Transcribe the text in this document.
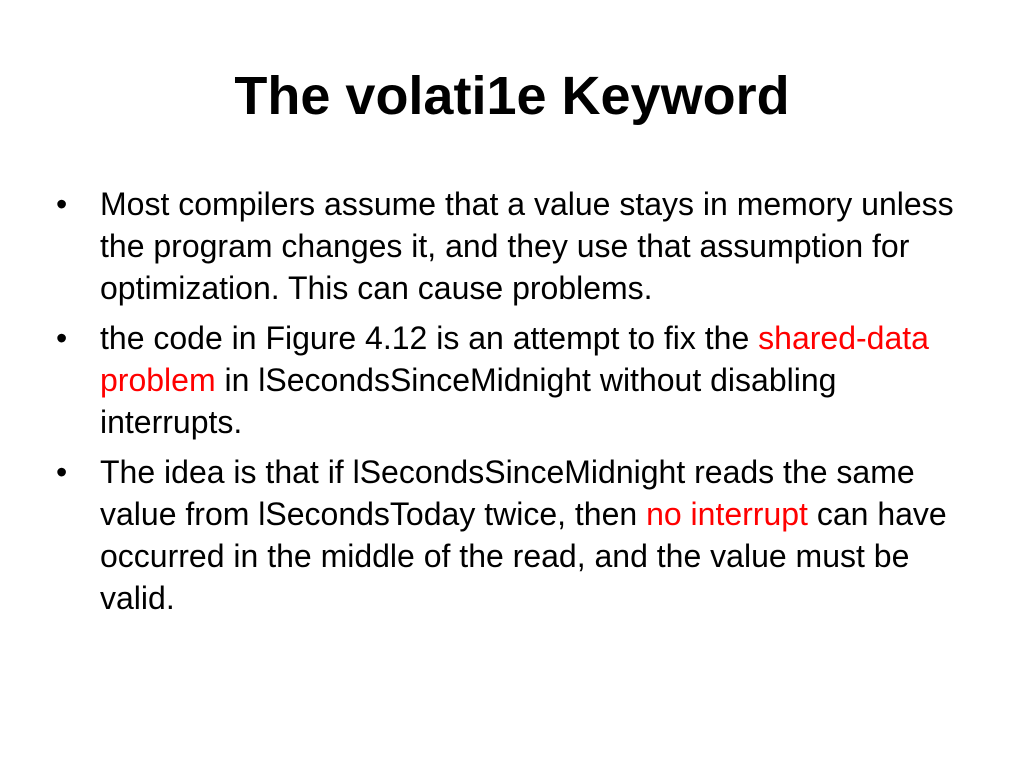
The volati1e Keyword
•	Most compilers assume that a value stays in memory unless the program changes it, and they use that assumption for optimization. This can cause problems.
•	the code in Figure 4.12 is an attempt to fix the shared-data problem in lSecondsSinceMidnight without disabling interrupts.
•	The idea is that if lSecondsSinceMidnight reads the same value from lSecondsToday twice, then no interrupt can have occurred in the middle of the read, and the value must be valid.
